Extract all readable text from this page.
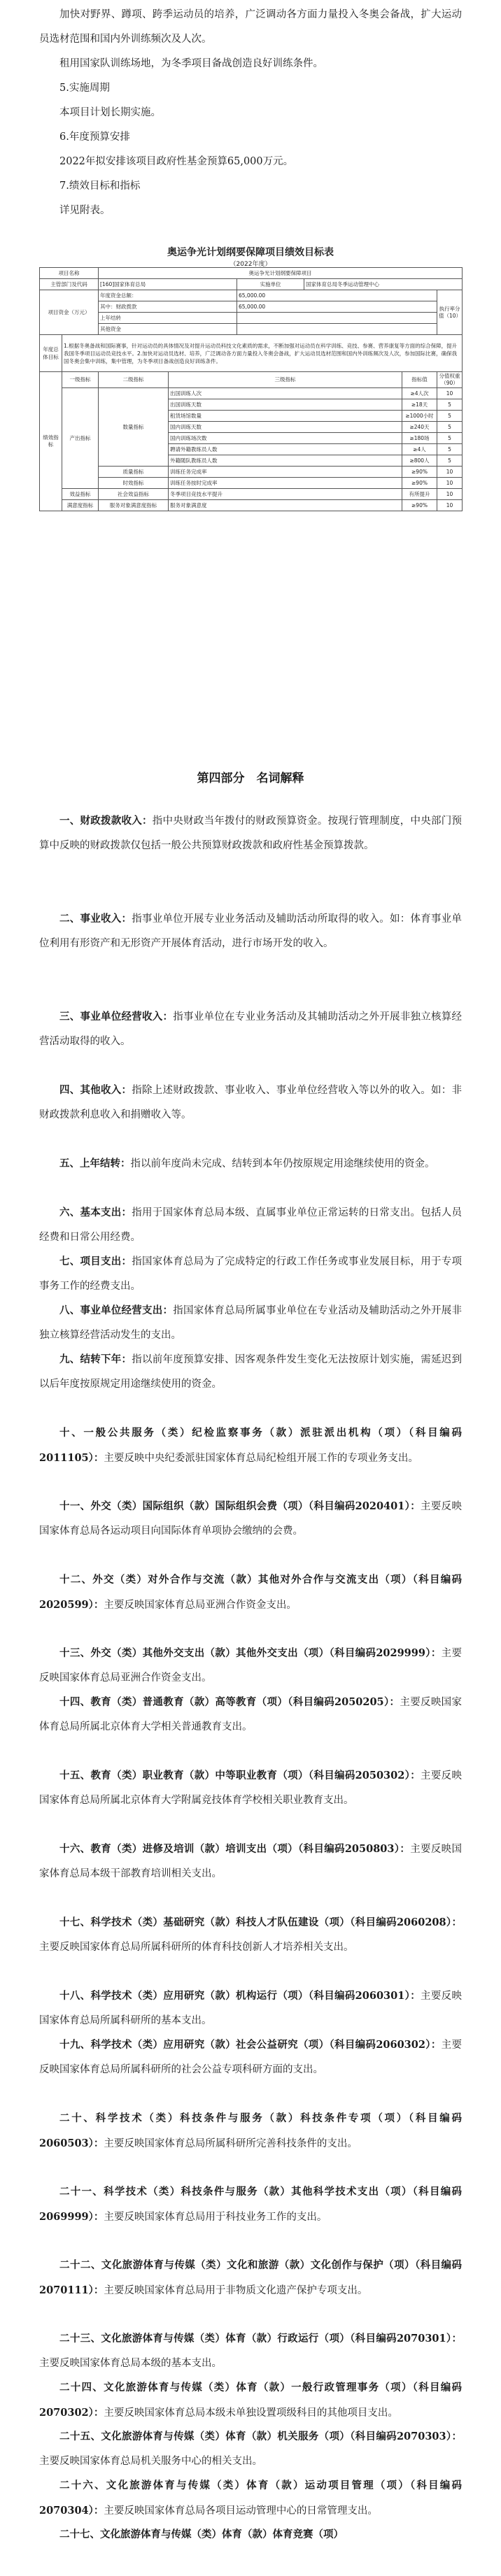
加快对野界、蹲项、跨季运动员的培养，广泛调动各方面力量投入冬奥会备战，扩大运动员选材范围和国内外训练频次及人次。

租用国家队训练场地，为冬季项目备战创造良好训练条件。

5.实施周期

本项目计划长期实施。

6.年度预算安排

2022年拟安排该项目政府性基金预算65,000万元。

7.绩效目标和指标

详见附表。

奥运争光计划纲要保障项目绩效目标表
（2022年度）
项目名称		奥运争光计划纲要保障项目					
主管部门及代码		[160]国家体育总局		实施单位	国家体育总局冬季运动管理中心		
项目资金（万元）		年度资金总额：		65,000.00			执行率分值（10）
		其中：财政拨款		65,000.00			
		上年结转					
		其他资金					
年度总体目标	1.根据冬奥备战和国际赛事，针对运动员的具体情况及对提升运动员科技文化素质的需求，不断加强对运动员在科学训练、竞技、参赛、营养康复等方面的综合保障，提升我国冬季项目运动员竞技水平。2.加快对运动员选材、培养，广泛调动各方面力量投入冬奥会备战，扩大运动员选材范围和国内外训练频次及人次，参加国际比赛，确保我国冬奥会集中训练，集中管理，为冬季项目备战创造良好训练条件。						
绩效指标	一级指标	二级指标	三级指标			指标值	分值权重（90）
	产出指标	数量指标	出国训练人次			≥4人次	10
			出国训练天数			≥18天	5
			租赁场馆数量			≥1000小时	5
			国内训练天数			≥240天	5
			国内训练场次数			≥180场	5
			聘请外籍教练员人数			≥4人	5
			外籍随队教练员人数			≥800人	5
		质量指标	训练任务完成率			≥90%	10
		时效指标	训练任务按时完成率			≥90%	10
	效益指标	社会效益指标	冬季项目竞技水平提升			有所提升	10
	满意度指标	服务对象满意度指标	服务对象满意度			≥90%	10
第四部分　名词解释

一、财政拨款收入：指中央财政当年拨付的财政预算资金。按现行管理制度，中央部门预算中反映的财政拨款仅包括一般公共预算财政拨款和政府性基金预算拨款。

二、事业收入：指事业单位开展专业业务活动及辅助活动所取得的收入。如：体育事业单位利用有形资产和无形资产开展体育活动，进行市场开发的收入。

三、事业单位经营收入：指事业单位在专业业务活动及其辅助活动之外开展非独立核算经营活动取得的收入。

四、其他收入：指除上述财政拨款、事业收入、事业单位经营收入等以外的收入。如：非财政拨款利息收入和捐赠收入等。

五、上年结转：指以前年度尚未完成、结转到本年仍按原规定用途继续使用的资金。

六、基本支出：指用于国家体育总局本级、直属事业单位正常运转的日常支出。包括人员经费和日常公用经费。

七、项目支出：指国家体育总局为了完成特定的行政工作任务或事业发展目标，用于专项事务工作的经费支出。

八、事业单位经营支出：指国家体育总局所属事业单位在专业活动及辅助活动之外开展非独立核算经营活动发生的支出。

九、结转下年：指以前年度预算安排、因客观条件发生变化无法按原计划实施，需延迟到以后年度按原规定用途继续使用的资金。

十、一般公共服务（类）纪检监察事务（款）派驻派出机构（项）（科目编码2011105）：主要反映中央纪委派驻国家体育总局纪检组开展工作的专项业务支出。

十一、外交（类）国际组织（款）国际组织会费（项）（科目编码2020401）：主要反映国家体育总局各运动项目向国际体育单项协会缴纳的会费。

十二、外交（类）对外合作与交流（款）其他对外合作与交流支出（项）（科目编码2020599）：主要反映国家体育总局亚洲合作资金支出。

十三、外交（类）其他外交支出（款）其他外交支出（项）（科目编码2029999）：主要反映国家体育总局亚洲合作资金支出。

十四、教育（类）普通教育（款）高等教育（项）（科目编码2050205）：主要反映国家体育总局所属北京体育大学相关普通教育支出。

十五、教育（类）职业教育（款）中等职业教育（项）（科目编码2050302）：主要反映国家体育总局所属北京体育大学附属竞技体育学校相关职业教育支出。

十六、教育（类）进修及培训（款）培训支出（项）（科目编码2050803）：主要反映国家体育总局本级干部教育培训相关支出。

十七、科学技术（类）基础研究（款）科技人才队伍建设（项）（科目编码2060208）：主要反映国家体育总局所属科研所的体育科技创新人才培养相关支出。

十八、科学技术（类）应用研究（款）机构运行（项）（科目编码2060301）：主要反映国家体育总局所属科研所的基本支出。

十九、科学技术（类）应用研究（款）社会公益研究（项）（科目编码2060302）：主要反映国家体育总局所属科研所的社会公益专项科研方面的支出。

二十、科学技术（类）科技条件与服务（款）科技条件专项（项）（科目编码2060503）：主要反映国家体育总局所属科研所完善科技条件的支出。

二十一、科学技术（类）科技条件与服务（款）其他科学技术支出（项）（科目编码2069999）：主要反映国家体育总局用于科技业务工作的支出。

二十二、文化旅游体育与传媒（类）文化和旅游（款）文化创作与保护（项）（科目编码2070111）：主要反映国家体育总局用于非物质文化遗产保护专项支出。

二十三、文化旅游体育与传媒（类）体育（款）行政运行（项）（科目编码2070301）：主要反映国家体育总局本级的基本支出。

二十四、文化旅游体育与传媒（类）体育（款）一般行政管理事务（项）（科目编码2070302）：主要反映国家体育总局本级未单独设置项级科目的其他项目支出。

二十五、文化旅游体育与传媒（类）体育（款）机关服务（项）（科目编码2070303）：主要反映国家体育总局机关服务中心的相关支出。

二十六、文化旅游体育与传媒（类）体育（款）运动项目管理（项）（科目编码2070304）：主要反映国家体育总局各项目运动管理中心的日常管理支出。

二十七、文化旅游体育与传媒（类）体育（款）体育竞赛（项）
